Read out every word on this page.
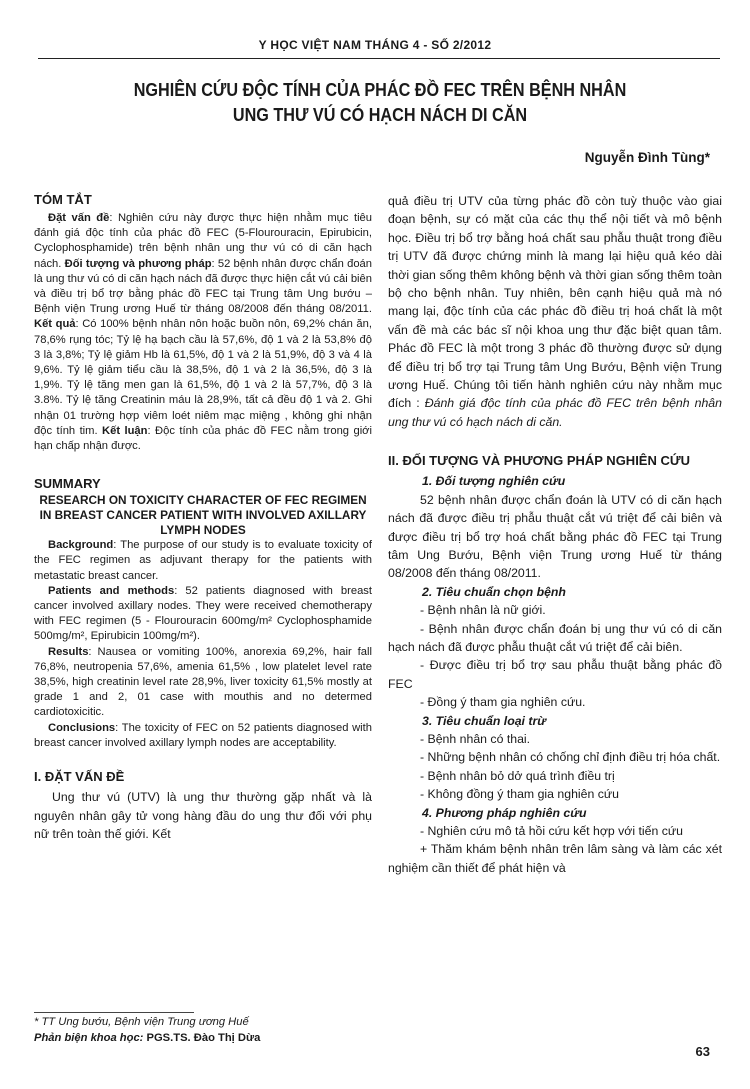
Y HỌC VIỆT NAM THÁNG 4 - SỐ 2/2012
NGHIÊN CỨU ĐỘC TÍNH CỦA PHÁC ĐỒ FEC TRÊN BỆNH NHÂN
UNG THƯ VÚ CÓ HẠCH NÁCH DI CĂN
Nguyễn Đình Tùng*
TÓM TẮT

Đặt vấn đề: Nghiên cứu này được thực hiện nhằm mục tiêu đánh giá độc tính của phác đồ FEC (5-Flourouracin, Epirubicin, Cyclophosphamide) trên bệnh nhân ung thư vú có di căn hạch nách. Đối tượng và phương pháp: 52 bệnh nhân được chẩn đoán là ung thư vú có di căn hạch nách đã được thực hiện cắt vú cải biên và điều trị bổ trợ bằng phác đồ FEC tại Trung tâm Ung bướu – Bệnh viện Trung ương Huế từ tháng 08/2008 đến tháng 08/2011. Kết quả: Có 100% bệnh nhân nôn hoặc buồn nôn, 69,2% chán ăn, 78,6% rụng tóc; Tỷ lệ hạ bạch cầu là 57,6%, độ 1 và 2 là 53,8% độ 3 là 3,8%; Tỷ lệ giảm Hb là 61,5%, độ 1 và 2 là 51,9%, độ 3 và 4 là 9,6%. Tỷ lệ giảm tiểu cầu là 38,5%, độ 1 và 2 là 36,5%, độ 3 là 1,9%. Tỷ lệ tăng men gan là 61,5%, độ 1 và 2 là 57,7%, độ 3 là 3.8%. Tỷ lệ tăng Creatinin máu là 28,9%, tất cả đều độ 1 và 2. Ghi nhận 01 trường hợp viêm loét niêm mạc miệng , không ghi nhận độc tính tim. Kết luận: Độc tính của phác đồ FEC nằm trong giới hạn chấp nhận được.

SUMMARY

RESEARCH ON TOXICITY CHARACTER OF FEC REGIMEN IN BREAST CANCER PATIENT WITH INVOLVED AXILLARY LYMPH NODES

Background: The purpose of our study is to evaluate toxicity of the FEC regimen as adjuvant therapy for the patients with metastatic breast cancer.

Patients and methods: 52 patients diagnosed with breast cancer involved axillary nodes. They were received chemotherapy with FEC regimen (5 - Flourouracin 600mg/m² Cyclophosphamide 500mg/m², Epirubicin 100mg/m²).

Results: Nausea or vomiting 100%, anorexia 69,2%, hair fall 76,8%, neutropenia 57,6%, amenia 61,5% , low platelet level rate 38,5%, high creatinin level rate 28,9%, liver toxicity 61,5% mostly at grade 1 and 2, 01 case with mouthis and no determed cardiotoxicitic.

Conclusions: The toxicity of FEC on 52 patients diagnosed with breast cancer involved axillary lymph nodes are acceptability.

I. ĐẶT VẤN ĐỀ

Ung thư vú (UTV) là ung thư thường gặp nhất và là nguyên nhân gây tử vong hàng đầu do ung thư đối với phụ nữ trên toàn thế giới. Kết

* TT Ung bướu, Bệnh viện Trung ương Huế
Phản biện khoa học: PGS.TS. Đào Thị Dừa

quả điều trị UTV của từng phác đồ còn tuỳ thuộc vào giai đoạn bệnh, sự có mặt của các thụ thể nội tiết và mô bệnh học. Điều trị bổ trợ bằng hoá chất sau phẫu thuật trong điều trị UTV đã được chứng minh là mang lại hiệu quả kéo dài thời gian sống thêm không bệnh và thời gian sống thêm toàn bộ cho bệnh nhân. Tuy nhiên, bên cạnh hiệu quả mà nó mang lại, độc tính của các phác đồ điều trị hoá chất là một vấn đề mà các bác sĩ nội khoa ung thư đặc biệt quan tâm. Phác đồ FEC là một trong 3 phác đồ thường được sử dụng để điều trị bổ trợ tại Trung tâm Ung Bướu, Bệnh viện Trung ương Huế. Chúng tôi tiến hành nghiên cứu này nhằm mục đích : Đánh giá độc tính của phác đồ FEC trên bệnh nhân ung thư vú có hạch nách di căn.

II. ĐỐI TƯỢNG VÀ PHƯƠNG PHÁP NGHIÊN CỨU
1. Đối tượng nghiên cứu

52 bệnh nhân được chẩn đoán là UTV có di căn hạch nách đã được điều trị phẫu thuật cắt vú triệt để cải biên và được điều trị bổ trợ hoá chất bằng phác đồ FEC tại Trung tâm Ung Bướu, Bệnh viện Trung ương Huế từ tháng 08/2008 đến tháng 08/2011.

2. Tiêu chuẩn chọn bệnh

- Bệnh nhân là nữ giới.

- Bệnh nhân được chẩn đoán bị ung thư vú có di căn hạch nách đã được phẫu thuật cắt vú triệt để cải biên.

- Được điều trị bổ trợ sau phẫu thuật bằng phác đồ FEC

- Đồng ý tham gia nghiên cứu.

3. Tiêu chuẩn loại trừ

- Bệnh nhân có thai.

- Những bệnh nhân có chống chỉ định điều trị hóa chất.

- Bệnh nhân bỏ dở quá trình điều trị

- Không đồng ý tham gia nghiên cứu

4. Phương pháp nghiên cứu

- Nghiên cứu mô tả hồi cứu kết hợp với tiến cứu

+ Thăm khám bệnh nhân trên lâm sàng và làm các xét nghiệm cần thiết để phát hiện và

63
